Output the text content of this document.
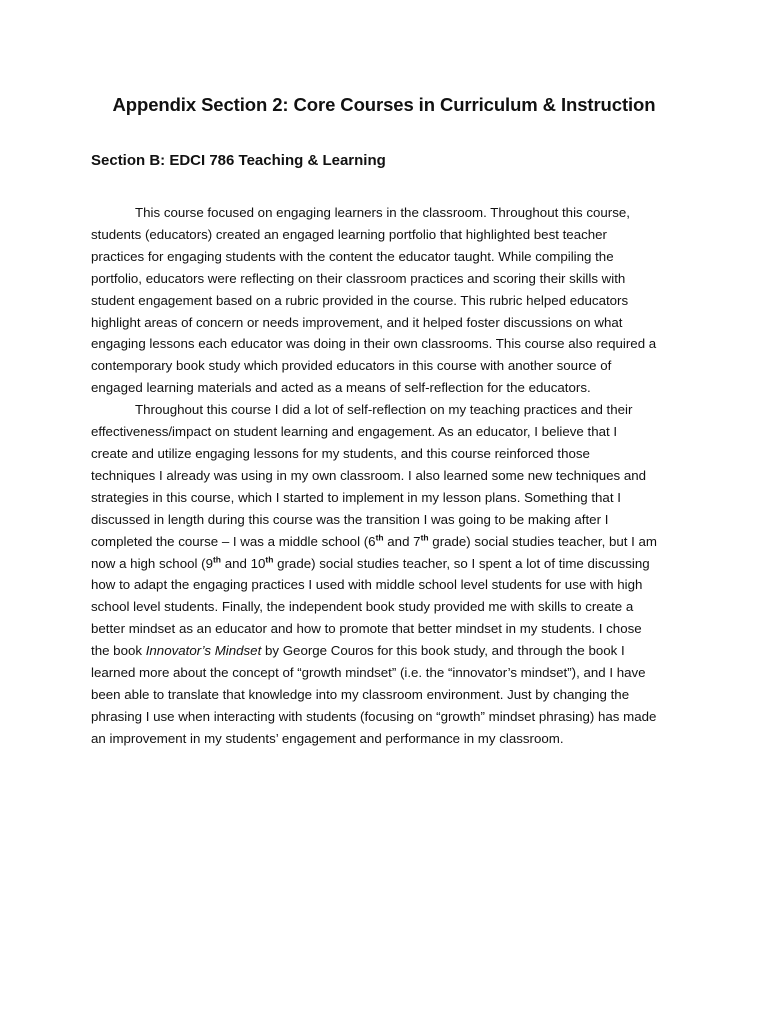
Appendix Section 2: Core Courses in Curriculum & Instruction
Section B: EDCI 786 Teaching & Learning

This course focused on engaging learners in the classroom. Throughout this course, students (educators) created an engaged learning portfolio that highlighted best teacher practices for engaging students with the content the educator taught. While compiling the portfolio, educators were reflecting on their classroom practices and scoring their skills with student engagement based on a rubric provided in the course. This rubric helped educators highlight areas of concern or needs improvement, and it helped foster discussions on what engaging lessons each educator was doing in their own classrooms. This course also required a contemporary book study which provided educators in this course with another source of engaged learning materials and acted as a means of self-reflection for the educators.

Throughout this course I did a lot of self-reflection on my teaching practices and their effectiveness/impact on student learning and engagement. As an educator, I believe that I create and utilize engaging lessons for my students, and this course reinforced those techniques I already was using in my own classroom. I also learned some new techniques and strategies in this course, which I started to implement in my lesson plans. Something that I discussed in length during this course was the transition I was going to be making after I completed the course – I was a middle school (6th and 7th grade) social studies teacher, but I am now a high school (9th and 10th grade) social studies teacher, so I spent a lot of time discussing how to adapt the engaging practices I used with middle school level students for use with high school level students. Finally, the independent book study provided me with skills to create a better mindset as an educator and how to promote that better mindset in my students. I chose the book Innovator’s Mindset by George Couros for this book study, and through the book I learned more about the concept of “growth mindset” (i.e. the “innovator’s mindset”), and I have been able to translate that knowledge into my classroom environment. Just by changing the phrasing I use when interacting with students (focusing on “growth” mindset phrasing) has made an improvement in my students’ engagement and performance in my classroom.
